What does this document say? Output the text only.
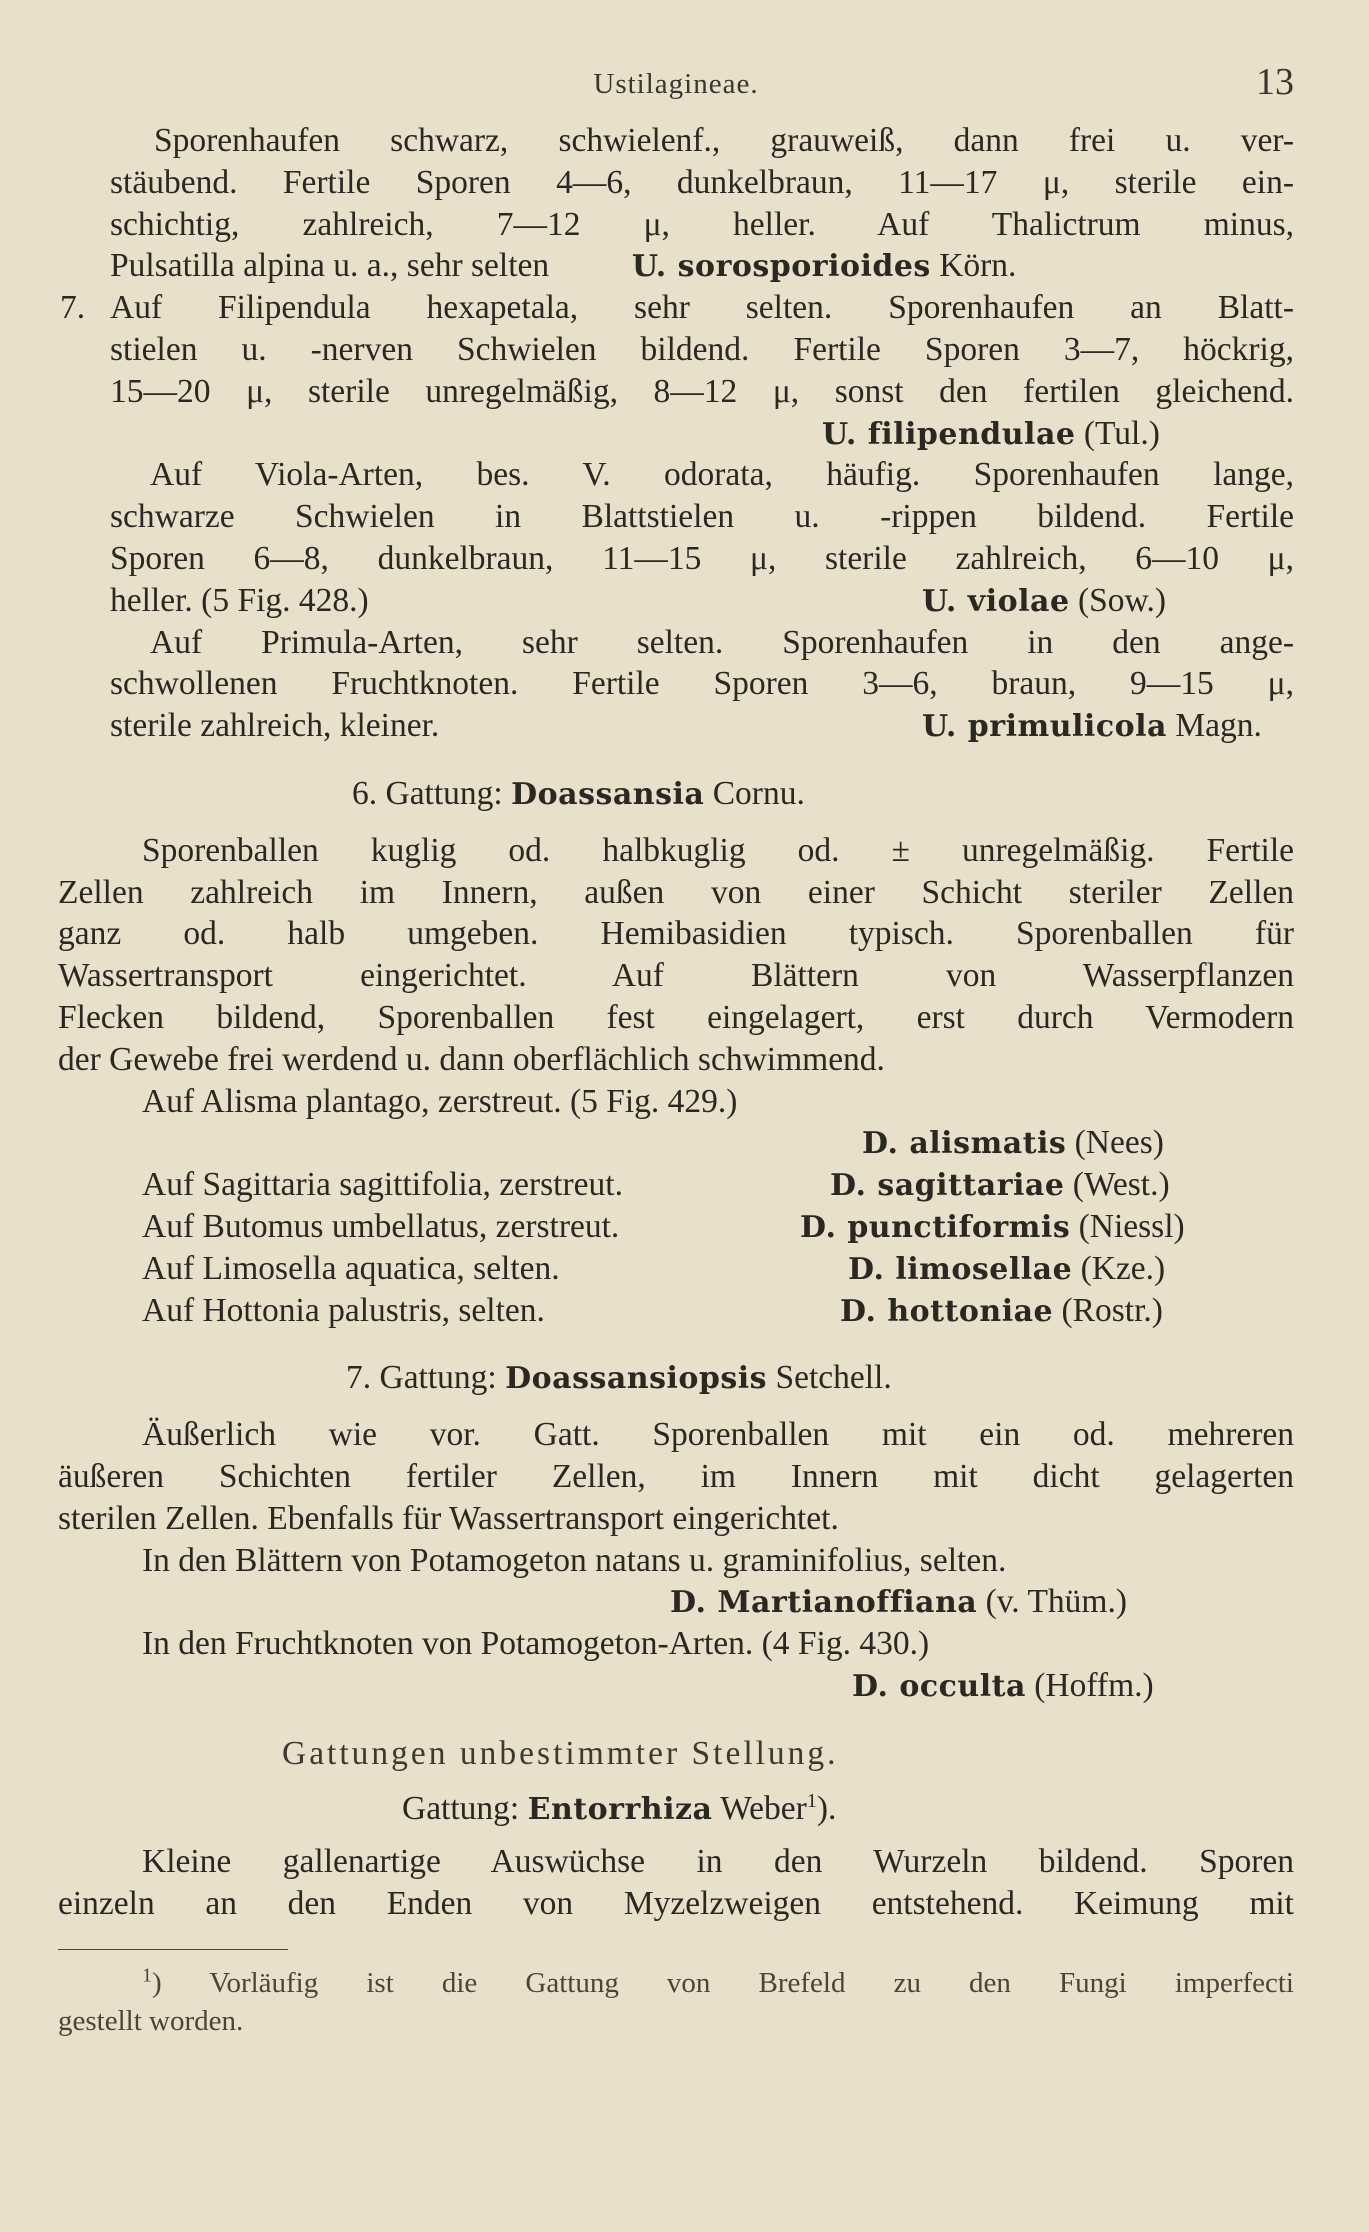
Ustilagineae.	13
Sporenhaufen schwarz, schwielenf., grauweiß, dann frei u. ver-
stäubend. Fertile Sporen 4—6, dunkelbraun, 11—17 μ, sterile ein-
schichtig, zahlreich, 7—12 μ, heller. Auf Thalictrum minus,
Pulsatilla alpina u. a., sehr selten	U. sorosporioides Körn.
7. Auf Filipendula hexapetala, sehr selten. Sporenhaufen an Blatt-
stielen u. -nerven Schwielen bildend. Fertile Sporen 3—7, höckrig,
15—20 μ, sterile unregelmäßig, 8—12 μ, sonst den fertilen gleichend.
U. filipendulae (Tul.)
Auf Viola-Arten, bes. V. odorata, häufig. Sporenhaufen lange,
schwarze Schwielen in Blattstielen u. -rippen bildend. Fertile
Sporen 6—8, dunkelbraun, 11—15 μ, sterile zahlreich, 6—10 μ,
heller. (5 Fig. 428.)	U. violae (Sow.)
Auf Primula-Arten, sehr selten. Sporenhaufen in den ange-
schwollenen Fruchtknoten. Fertile Sporen 3—6, braun, 9—15 μ,
sterile zahlreich, kleiner.	U. primulicola Magn.
6. Gattung: Doassansia Cornu.
Sporenballen kuglig od. halbkuglig od. ± unregelmäßig. Fertile
Zellen zahlreich im Innern, außen von einer Schicht steriler Zellen
ganz od. halb umgeben. Hemibasidien typisch. Sporenballen für
Wassertransport eingerichtet. Auf Blättern von Wasserpflanzen
Flecken bildend, Sporenballen fest eingelagert, erst durch Vermodern
der Gewebe frei werdend u. dann oberflächlich schwimmend.
Auf Alisma plantago, zerstreut. (5 Fig. 429.)
D. alismatis (Nees)
Auf Sagittaria sagittifolia, zerstreut.	D. sagittariae (West.)
Auf Butomus umbellatus, zerstreut.	D. punctiformis (Niessl)
Auf Limosella aquatica, selten.	D. limosellae (Kze.)
Auf Hottonia palustris, selten.	D. hottoniae (Rostr.)
7. Gattung: Doassansiopsis Setchell.
Äußerlich wie vor. Gatt. Sporenballen mit ein od. mehreren
äußeren Schichten fertiler Zellen, im Innern mit dicht gelagerten
sterilen Zellen. Ebenfalls für Wassertransport eingerichtet.
In den Blättern von Potamogeton natans u. graminifolius, selten.
D. Martianoffiana (v. Thüm.)
In den Fruchtknoten von Potamogeton-Arten. (4 Fig. 430.)
D. occulta (Hoffm.)
Gattungen unbestimmter Stellung.
Gattung: Entorrhiza Weber$^1$).
Kleine gallenartige Auswüchse in den Wurzeln bildend. Sporen
einzeln an den Enden von Myzelzweigen entstehend. Keimung mit
$^1$) Vorläufig ist die Gattung von Brefeld zu den Fungi imperfecti
gestellt worden.
